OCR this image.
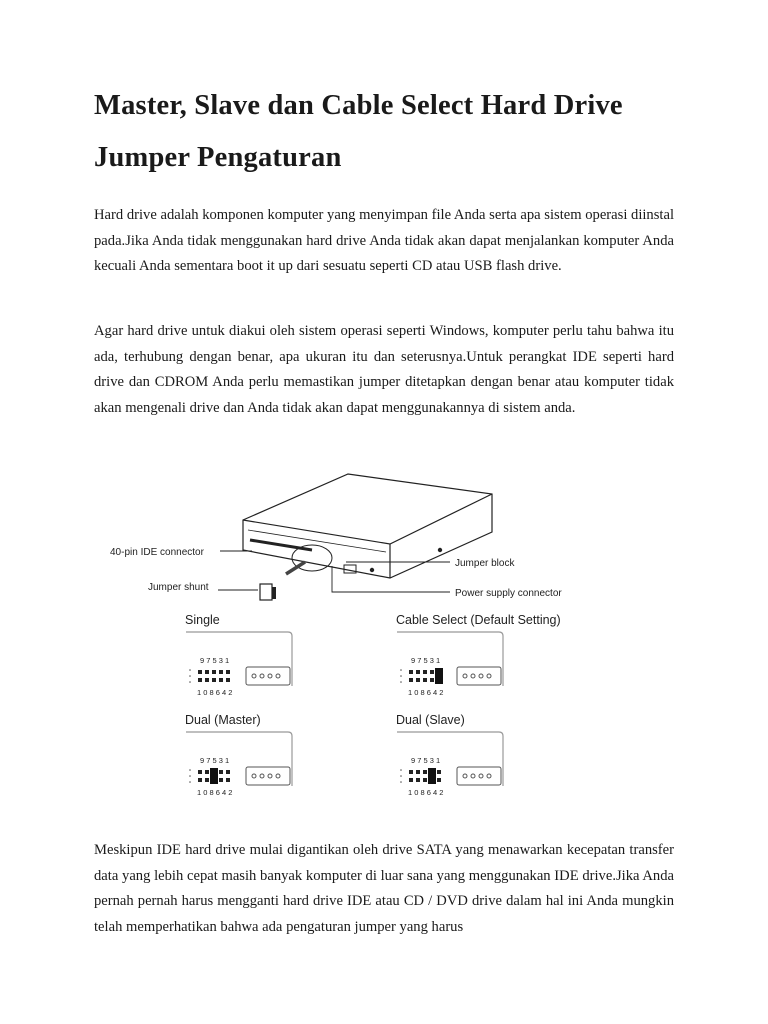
Master, Slave dan Cable Select Hard Drive Jumper Pengaturan

Hard drive adalah komponen komputer yang menyimpan file Anda serta apa sistem operasi diinstal pada.Jika Anda tidak menggunakan hard drive Anda tidak akan dapat menjalankan komputer Anda kecuali Anda sementara boot it up dari sesuatu seperti CD atau USB flash drive.

Agar hard drive untuk diakui oleh sistem operasi seperti Windows, komputer perlu tahu bahwa itu ada, terhubung dengan benar, apa ukuran itu dan seterusnya.Untuk perangkat IDE seperti hard drive dan CDROM Anda perlu memastikan jumper ditetapkan dengan benar atau komputer tidak akan mengenali drive dan Anda tidak akan dapat menggunakannya di sistem anda.

40-pin IDE connector
Jumper block
Jumper shunt
Power supply connector
Single
9 7 5 3 1
1 0 8 6 4 2
Cable Select (Default Setting)
9 7 5 3 1
1 0 8 6 4 2
Dual (Master)
9 7 5 3 1
1 0 8 6 4 2
Dual (Slave)
9 7 5 3 1
1 0 8 6 4 2

Meskipun IDE hard drive mulai digantikan oleh drive SATA yang menawarkan kecepatan transfer data yang lebih cepat masih banyak komputer di luar sana yang menggunakan IDE drive.Jika Anda pernah pernah harus mengganti hard drive IDE atau CD / DVD drive dalam hal ini Anda mungkin telah memperhatikan bahwa ada pengaturan jumper yang harus
